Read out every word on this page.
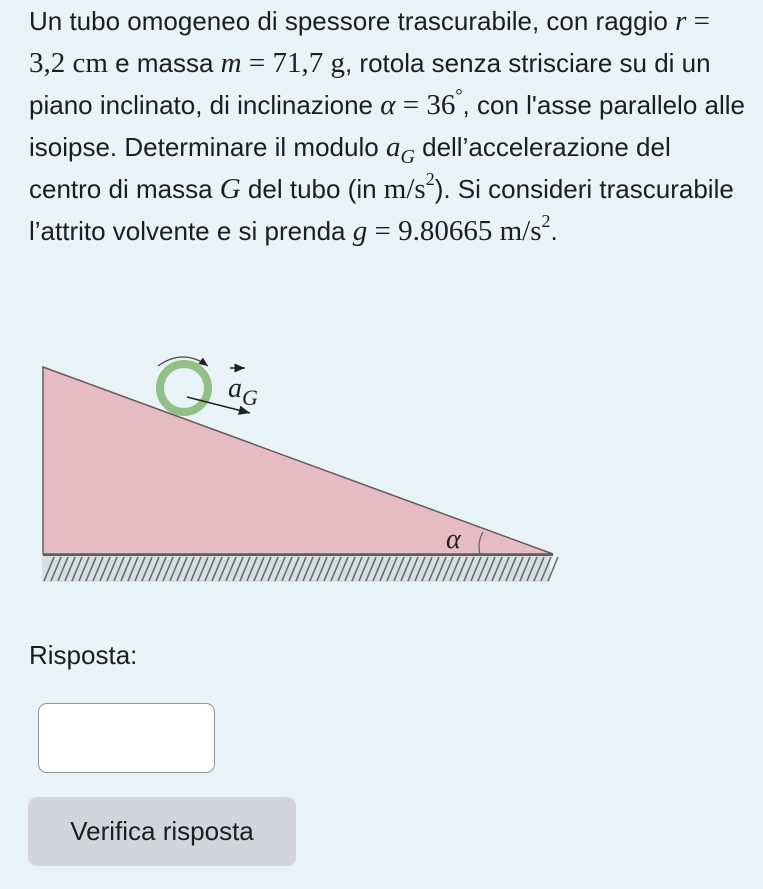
Un tubo omogeneo di spessore trascurabile, con raggio r = 3,2 cm e massa m = 71,7 g, rotola senza strisciare su di un piano inclinato, di inclinazione α = 36°, con l'asse parallelo alle isoipse. Determinare il modulo $a_G$ dell’accelerazione del centro di massa G del tubo (in $m/s^2$). Si consideri trascurabile l’attrito volvente e si prenda g = 9.80665 $m/s^2$.
α
$a_G$
Risposta:
Verifica risposta
